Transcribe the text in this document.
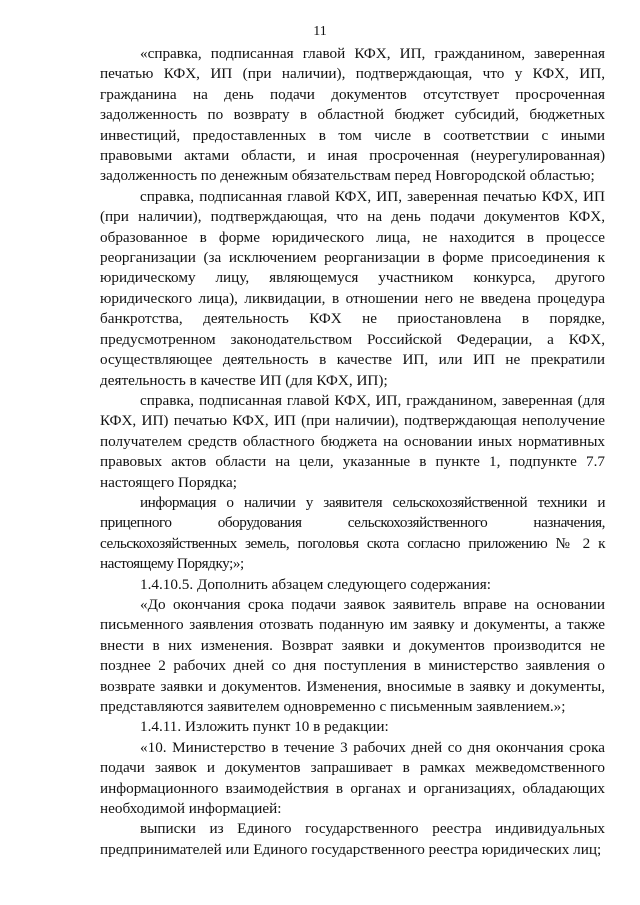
11

«справка, подписанная главой КФХ, ИП, гражданином, заверенная печатью КФХ, ИП (при наличии), подтверждающая, что у КФХ, ИП, гражданина на день подачи документов отсутствует просроченная задолженность по возврату в областной бюджет субсидий, бюджетных инвестиций, предоставленных в том числе в соответствии с иными правовыми актами области, и иная просроченная (неурегулированная) задолженность по денежным обязательствам перед Новгородской областью;

справка, подписанная главой КФХ, ИП, заверенная печатью КФХ, ИП (при наличии), подтверждающая, что на день подачи документов КФХ, образованное в форме юридического лица, не находится в процессе реорганизации (за исключением реорганизации в форме присоединения к юридическому лицу, являющемуся участником конкурса, другого юридического лица), ликвидации, в отношении него не введена процедура банкротства, деятельность КФХ не приостановлена в порядке, предусмотренном законодательством Российской Федерации, а КФХ, осуществляющее деятельность в качестве ИП, или ИП не прекратили деятельность в качестве ИП (для КФХ, ИП);

справка, подписанная главой КФХ, ИП, гражданином, заверенная (для КФХ, ИП) печатью КФХ, ИП (при наличии), подтверждающая неполучение получателем средств областного бюджета на основании иных нормативных правовых актов области на цели, указанные в пункте 1, подпункте 7.7 настоящего Порядка;

информация о наличии у заявителя сельскохозяйственной техники и прицепного оборудования сельскохозяйственного назначения, сельскохозяйственных земель, поголовья скота согласно приложению № 2 к настоящему Порядку;»;

1.4.10.5. Дополнить абзацем следующего содержания:

«До окончания срока подачи заявок заявитель вправе на основании письменного заявления отозвать поданную им заявку и документы, а также внести в них изменения. Возврат заявки и документов производится не позднее 2 рабочих дней со дня поступления в министерство заявления о возврате заявки и документов. Изменения, вносимые в заявку и документы, представляются заявителем одновременно с письменным заявлением.»;

1.4.11. Изложить пункт 10 в редакции:

«10. Министерство в течение 3 рабочих дней со дня окончания срока подачи заявок и документов запрашивает в рамках межведомственного информационного взаимодействия в органах и организациях, обладающих необходимой информацией:

выписки из Единого государственного реестра индивидуальных предпринимателей или Единого государственного реестра юридических лиц;
